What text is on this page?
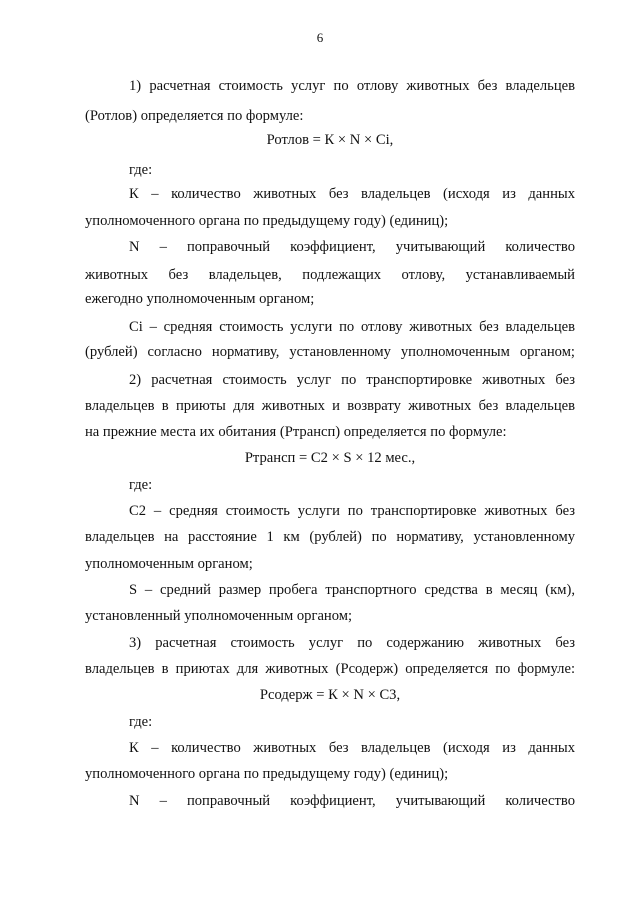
6
1) расчетная стоимость услуг по отлову животных без владельцев
(Ротлов) определяется по формуле:
Ротлов = К × N × Сi,
где:
К – количество животных без владельцев (исходя из данных
уполномоченного органа по предыдущему году) (единиц);
N – поправочный коэффициент, учитывающий количество
животных без владельцев, подлежащих отлову, устанавливаемый
ежегодно уполномоченным органом;
Сi – средняя стоимость услуги по отлову животных без владельцев
(рублей) согласно нормативу, установленному уполномоченным органом;
2) расчетная стоимость услуг по транспортировке животных без
владельцев в приюты для животных и возврату животных без владельцев
на прежние места их обитания (Ртрансп) определяется по формуле:
Ртрансп = С2 × S × 12 мес.,
где:
С2 – средняя стоимость услуги по транспортировке животных без
владельцев на расстояние 1 км (рублей) по нормативу, установленному
уполномоченным органом;
S – средний размер пробега транспортного средства в месяц (км),
установленный уполномоченным органом;
3) расчетная стоимость услуг по содержанию животных без
владельцев в приютах для животных (Рсодерж) определяется по формуле:
Рсодерж = К × N × С3,
где:
К – количество животных без владельцев (исходя из данных
уполномоченного органа по предыдущему году) (единиц);
N – поправочный коэффициент, учитывающий количество
